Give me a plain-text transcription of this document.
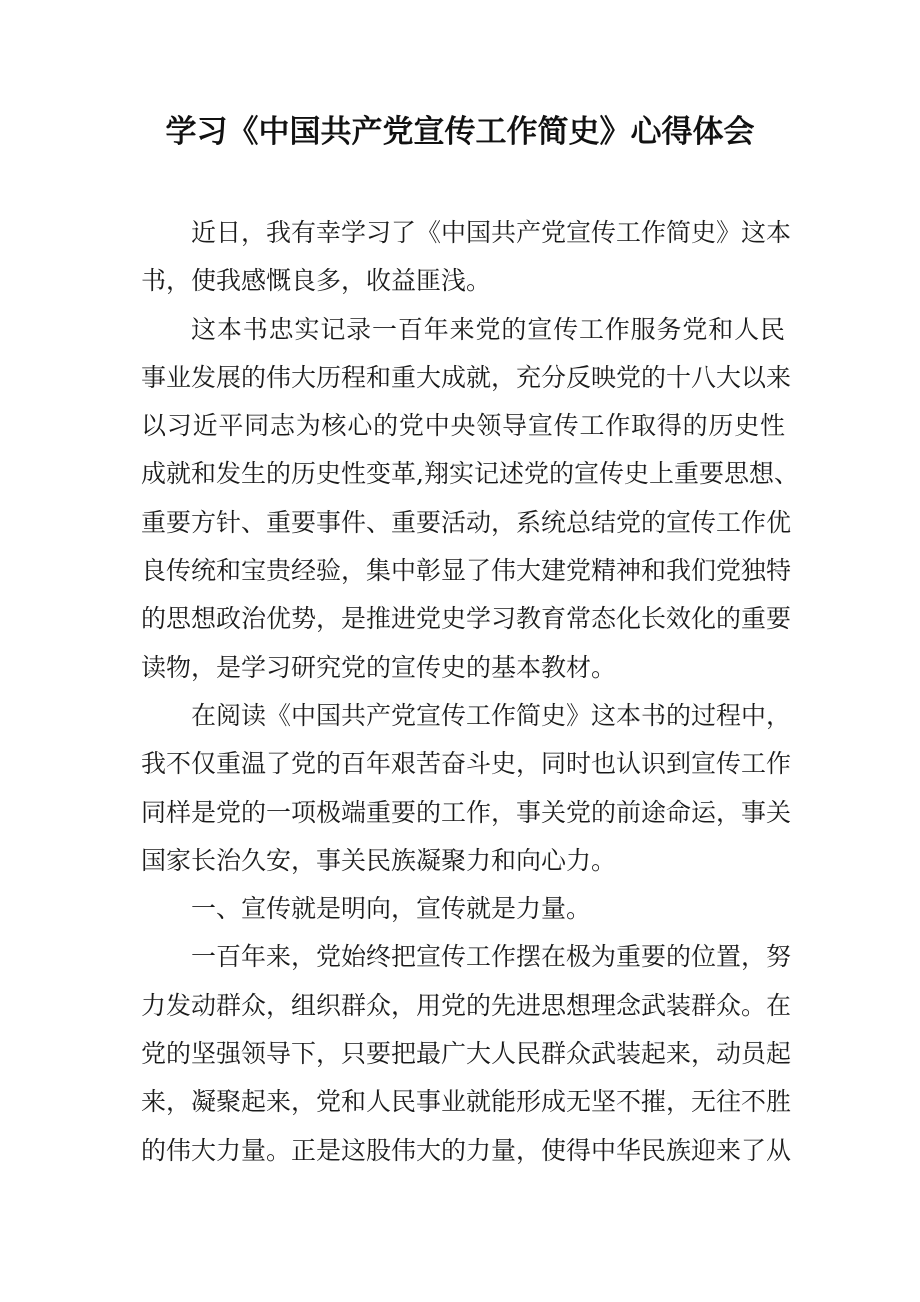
学习《中国共产党宣传工作简史》心得体会

近日，我有幸学习了《中国共产党宣传工作简史》这本
书，使我感慨良多，收益匪浅。

这本书忠实记录一百年来党的宣传工作服务党和人民
事业发展的伟大历程和重大成就，充分反映党的十八大以来
以习近平同志为核心的党中央领导宣传工作取得的历史性
成就和发生的历史性变革,翔实记述党的宣传史上重要思想、
重要方针、重要事件、重要活动，系统总结党的宣传工作优
良传统和宝贵经验，集中彰显了伟大建党精神和我们党独特
的思想政治优势，是推进党史学习教育常态化长效化的重要
读物，是学习研究党的宣传史的基本教材。

在阅读《中国共产党宣传工作简史》这本书的过程中，
我不仅重温了党的百年艰苦奋斗史，同时也认识到宣传工作
同样是党的一项极端重要的工作，事关党的前途命运，事关
国家长治久安，事关民族凝聚力和向心力。

一、宣传就是明向，宣传就是力量。

一百年来，党始终把宣传工作摆在极为重要的位置，努
力发动群众，组织群众，用党的先进思想理念武装群众。在
党的坚强领导下，只要把最广大人民群众武装起来，动员起
来，凝聚起来，党和人民事业就能形成无坚不摧，无往不胜
的伟大力量。正是这股伟大的力量，使得中华民族迎来了从
